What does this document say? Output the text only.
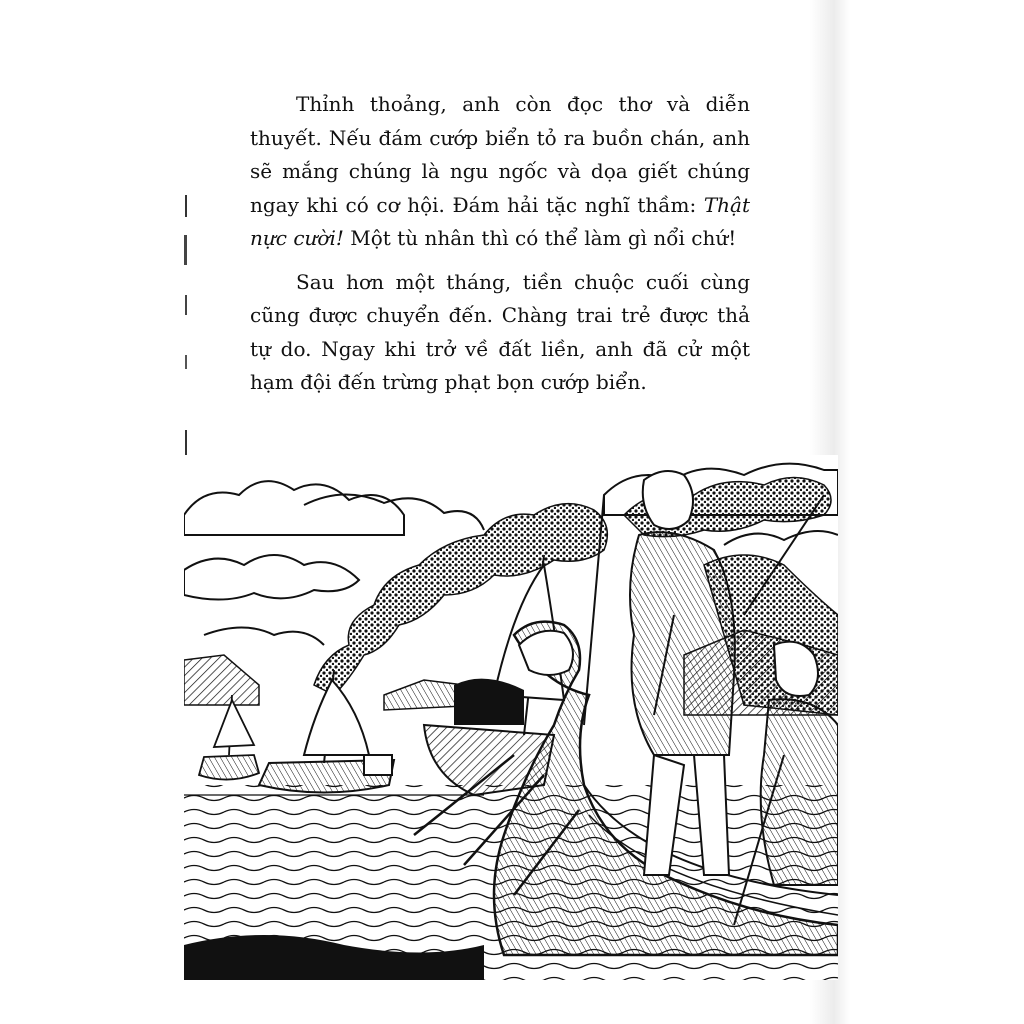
Thỉnh thoảng, anh còn đọc thơ và diễn thuyết. Nếu đám cướp biển tỏ ra buồn chán, anh sẽ mắng chúng là ngu ngốc và dọa giết chúng ngay khi có cơ hội. Đám hải tặc nghĩ thầm: Thật nực cười! Một tù nhân thì có thể làm gì nổi chứ!

Sau hơn một tháng, tiền chuộc cuối cùng cũng được chuyển đến. Chàng trai trẻ được thả tự do. Ngay khi trở về đất liền, anh đã cử một hạm đội đến trừng phạt bọn cướp biển.
